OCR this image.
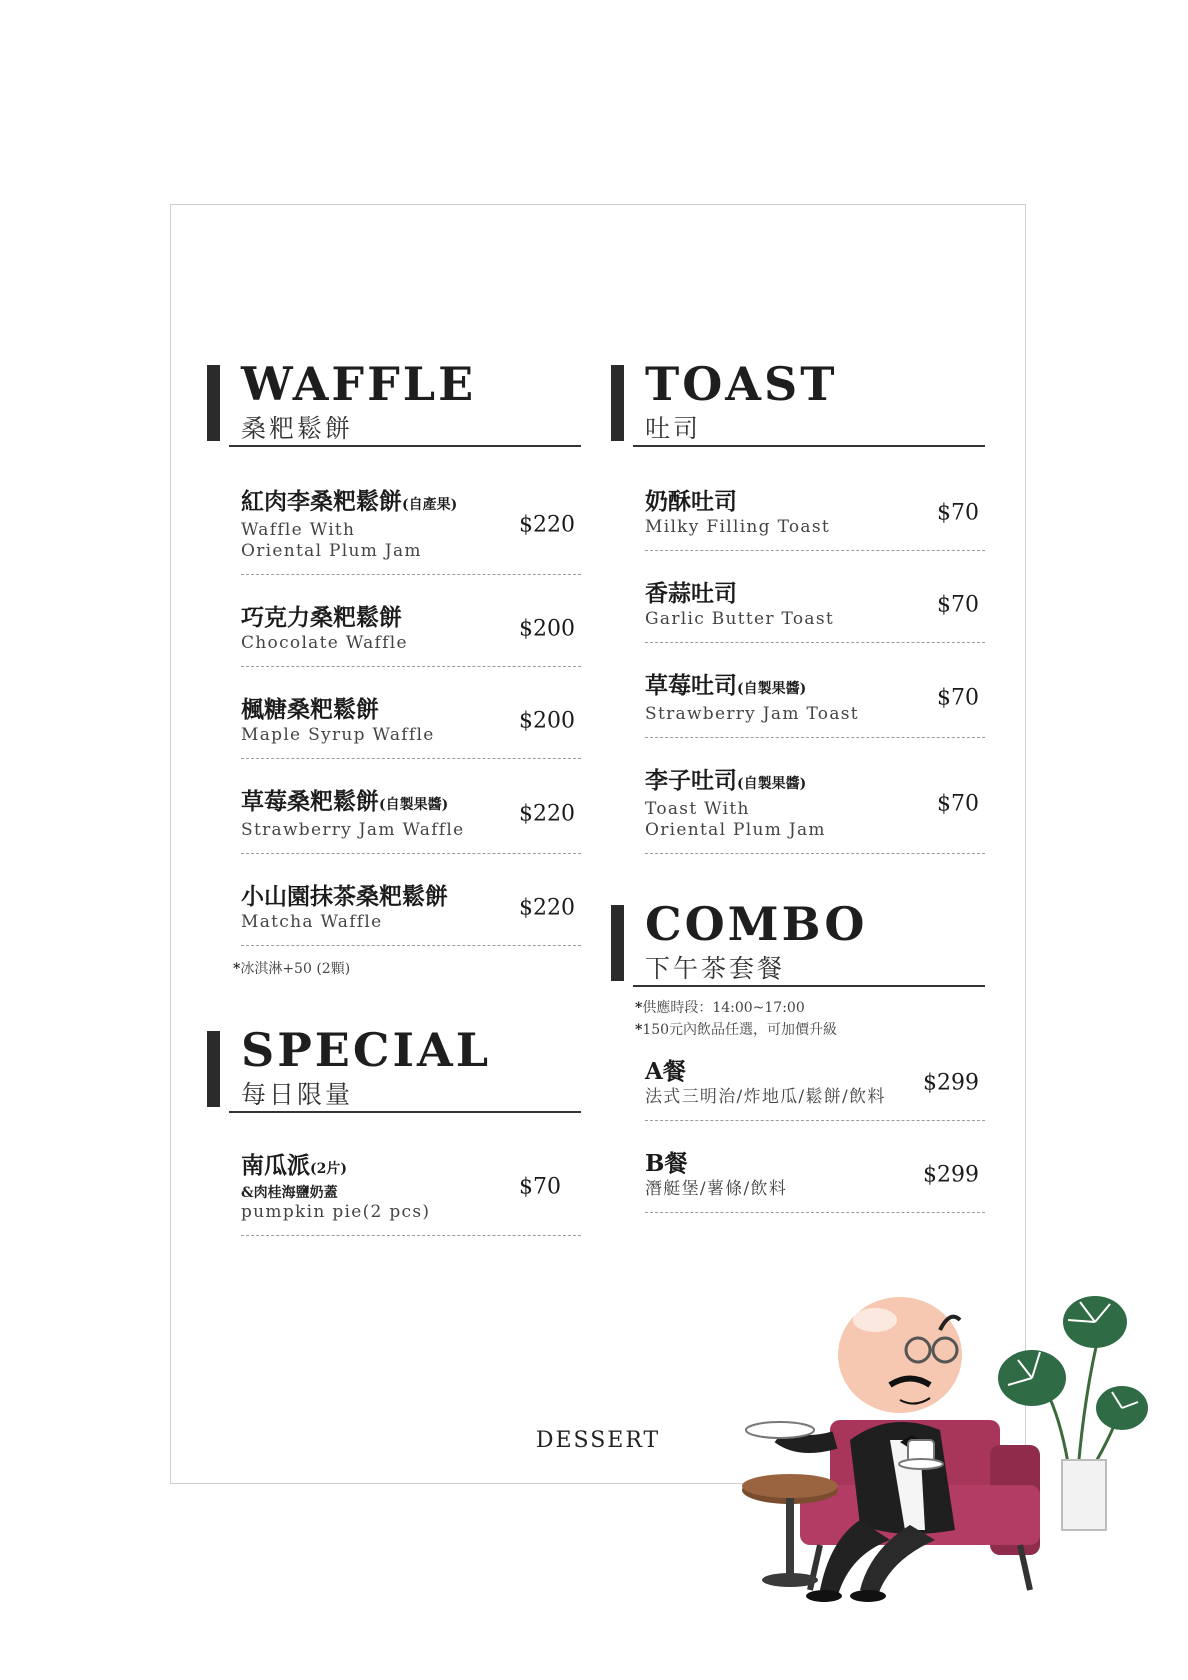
WAFFLE
桑粑鬆餅
紅肉李桑粑鬆餅(自產果)
Waffle With
Oriental Plum Jam
$220
巧克力桑粑鬆餅
Chocolate Waffle
$200
楓糖桑粑鬆餅
Maple Syrup Waffle
$200
草莓桑粑鬆餅(自製果醬)
Strawberry Jam Waffle
$220
小山園抹茶桑粑鬆餅
Matcha Waffle
$220
*冰淇淋+50 (2顆)
SPECIAL
每日限量
南瓜派(2片)
&肉桂海鹽奶蓋
pumpkin pie(2 pcs)
$70
TOAST
吐司
奶酥吐司
Milky Filling Toast
$70
香蒜吐司
Garlic Butter Toast
$70
草莓吐司(自製果醬)
Strawberry Jam Toast
$70
李子吐司(自製果醬)
Toast With
Oriental Plum Jam
$70
COMBO
下午茶套餐
*供應時段：14:00~17:00
*150元內飲品任選，可加價升級
A餐
法式三明治/炸地瓜/鬆餅/飲料
$299
B餐
潛艇堡/薯條/飲料
$299
DESSERT
